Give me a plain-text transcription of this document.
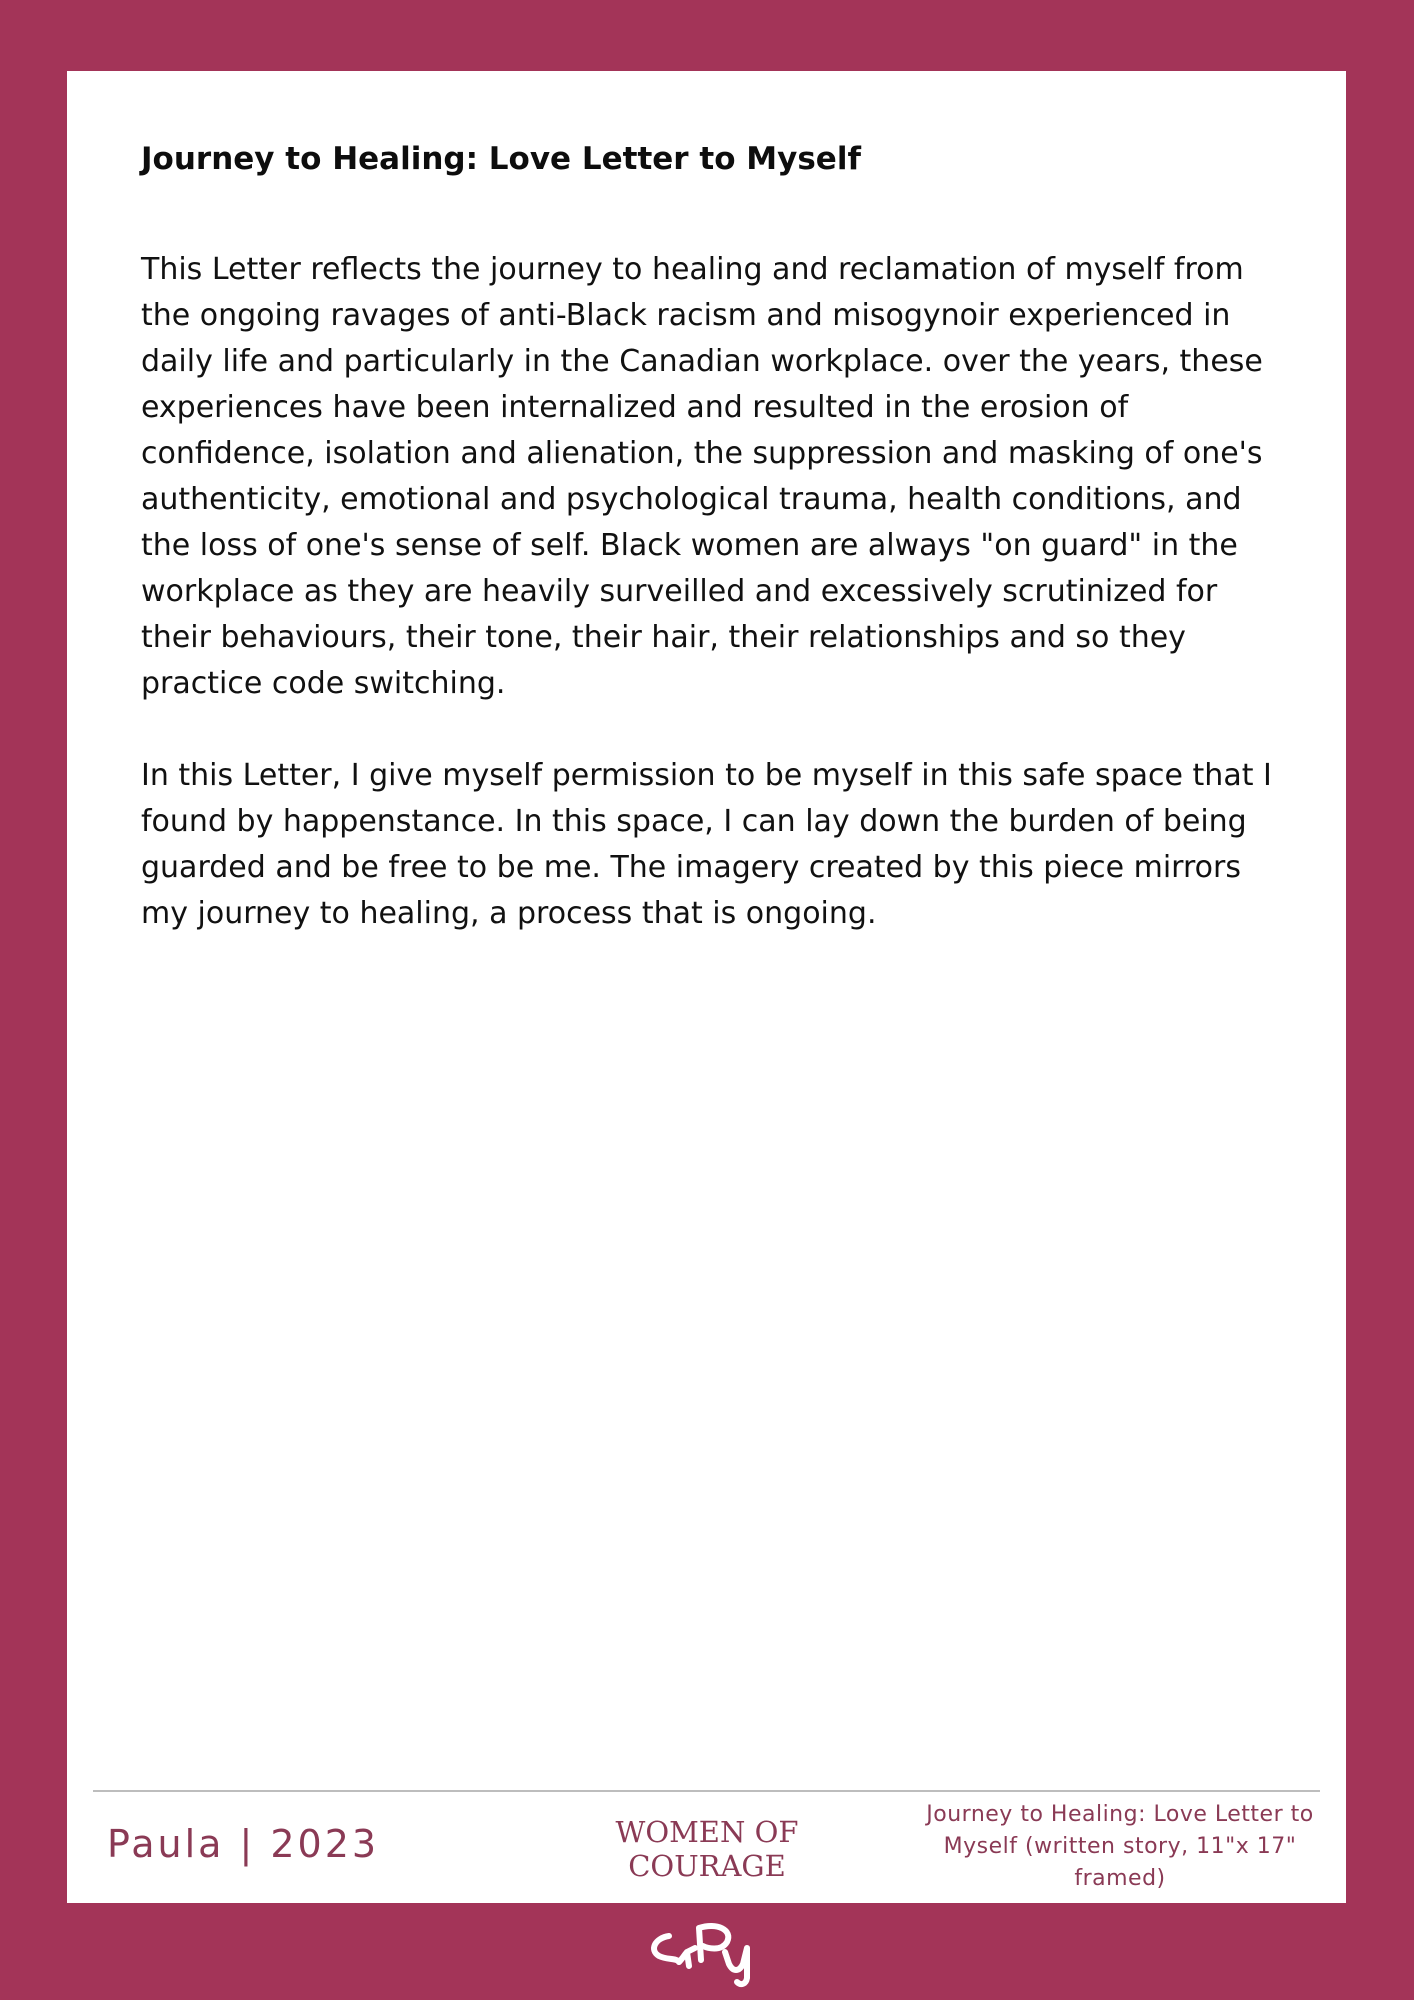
Journey to Healing: Love Letter to Myself

This Letter reflects the journey to healing and reclamation of myself from the ongoing ravages of anti-Black racism and misogynoir experienced in daily life and particularly in the Canadian workplace. over the years, these experiences have been internalized and resulted in the erosion of confidence, isolation and alienation, the suppression and masking of one's authenticity, emotional and psychological trauma, health conditions, and the loss of one's sense of self. Black women are always "on guard" in the workplace as they are heavily surveilled and excessively scrutinized for their behaviours, their tone, their hair, their relationships and so they practice code switching.

In this Letter, I give myself permission to be myself in this safe space that I found by happenstance. In this space, I can lay down the burden of being guarded and be free to be me. The imagery created by this piece mirrors my journey to healing, a process that is ongoing.

Paula | 2023	WOMEN OF
COURAGE
Journey to Healing: Love Letter to Myself (written story, 11"x 17" framed)
